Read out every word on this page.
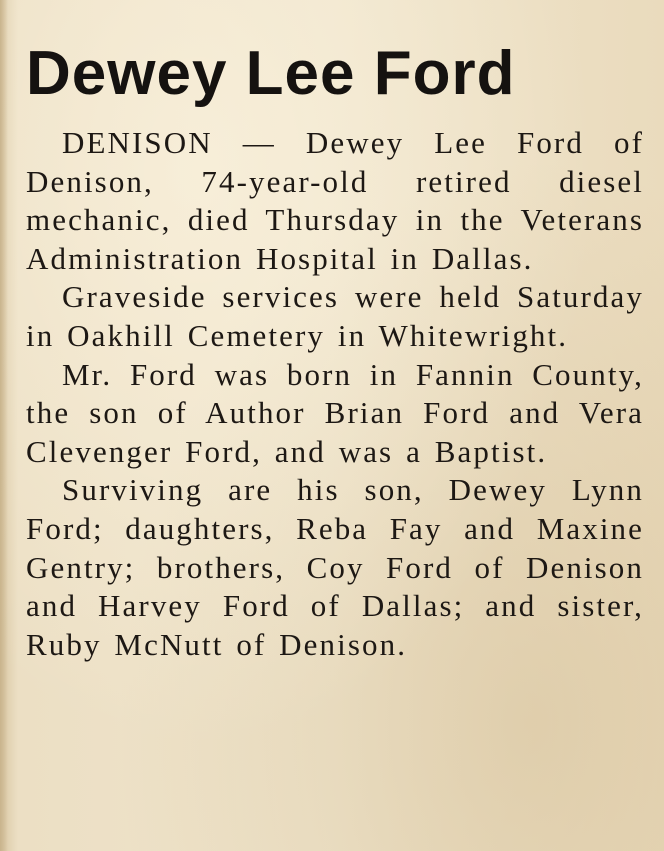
Dewey Lee Ford

DENISON — Dewey Lee Ford of Denison, 74-year-old retired diesel mechanic, died Thursday in the Veterans Administration Hospital in Dallas.

Graveside services were held Saturday in Oakhill Cemetery in Whitewright.

Mr. Ford was born in Fannin County, the son of Author Brian Ford and Vera Clevenger Ford, and was a Baptist.

Surviving are his son, Dewey Lynn Ford; daughters, Reba Fay and Maxine Gentry; brothers, Coy Ford of Denison and Harvey Ford of Dallas; and sister, Ruby McNutt of Denison.
